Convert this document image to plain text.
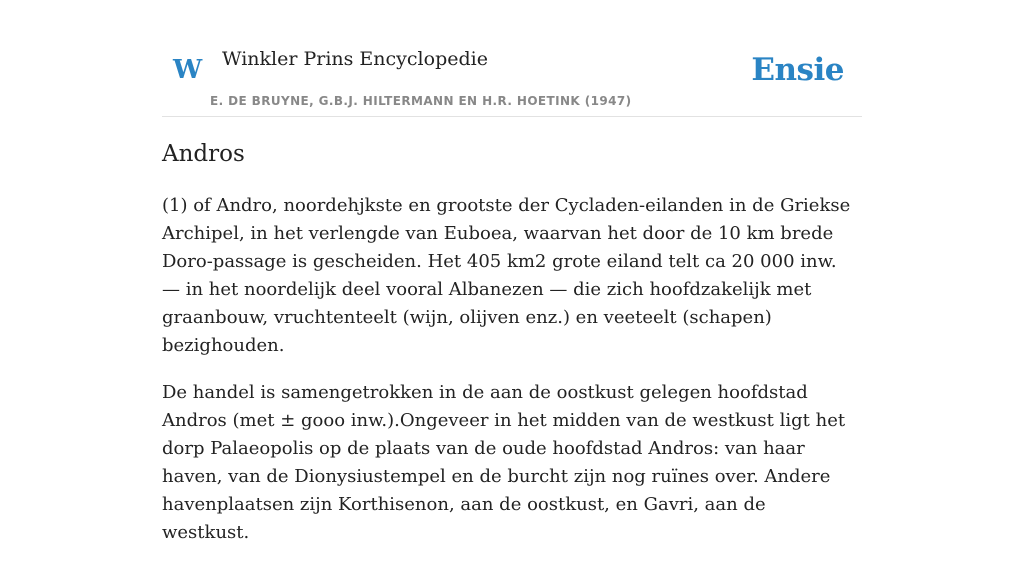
W Winkler Prins Encyclopedie
E. DE BRUYNE, G.B.J. HILTERMANN EN H.R. HOETINK (1947)
Ensie
Andros

(1) of Andro, noordehjkste en grootste der Cycladen-eilanden in de Griekse Archipel, in het verlengde van Euboea, waarvan het door de 10 km brede Doro-passage is gescheiden. Het 405 km2 grote eiland telt ca 20 000 inw. — in het noordelijk deel vooral Albanezen — die zich hoofdzakelijk met graanbouw, vruchtenteelt (wijn, olijven enz.) en veeteelt (schapen) bezighouden.

De handel is samengetrokken in de aan de oostkust gelegen hoofdstad Andros (met ± gooo inw.).Ongeveer in het midden van de westkust ligt het dorp Palaeopolis op de plaats van de oude hoofdstad Andros: van haar haven, van de Dionysiustempel en de burcht zijn nog ruïnes over. Andere havenplaatsen zijn Korthisenon, aan de oostkust, en Gavri, aan de westkust.
